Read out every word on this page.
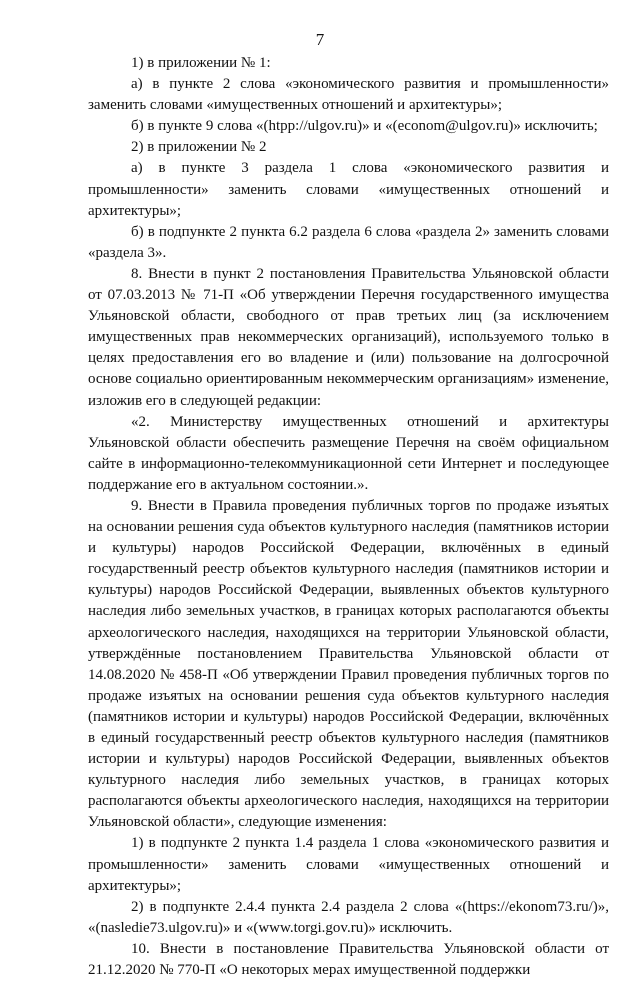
7

1) в приложении № 1:

а) в пункте 2 слова «экономического развития и промышленности» заменить словами «имущественных отношений и архитектуры»;

б) в пункте 9 слова «(htpp://ulgov.ru)» и «(econom@ulgov.ru)» исключить;

2) в приложении № 2

а) в пункте 3 раздела 1 слова «экономического развития и промышленности» заменить словами «имущественных отношений и архитектуры»;

б) в подпункте 2 пункта 6.2 раздела 6 слова «раздела 2» заменить словами «раздела 3».

8. Внести в пункт 2 постановления Правительства Ульяновской области от 07.03.2013 № 71-П «Об утверждении Перечня государственного имущества Ульяновской области, свободного от прав третьих лиц (за исключением имущественных прав некоммерческих организаций), используемого только в целях предоставления его во владение и (или) пользование на долгосрочной основе социально ориентированным некоммерческим организациям» изменение, изложив его в следующей редакции:

«2. Министерству имущественных отношений и архитектуры Ульяновской области обеспечить размещение Перечня на своём официальном сайте в информационно-телекоммуникационной сети Интернет и последующее поддержание его в актуальном состоянии.».

9. Внести в Правила проведения публичных торгов по продаже изъятых на основании решения суда объектов культурного наследия (памятников истории и культуры) народов Российской Федерации, включённых в единый государственный реестр объектов культурного наследия (памятников истории и культуры) народов Российской Федерации, выявленных объектов культурного наследия либо земельных участков, в границах которых располагаются объекты археологического наследия, находящихся на территории Ульяновской области, утверждённые постановлением Правительства Ульяновской области от 14.08.2020 № 458-П «Об утверждении Правил проведения публичных торгов по продаже изъятых на основании решения суда объектов культурного наследия (памятников истории и культуры) народов Российской Федерации, включённых в единый государственный реестр объектов культурного наследия (памятников истории и культуры) народов Российской Федерации, выявленных объектов культурного наследия либо земельных участков, в границах которых располагаются объекты археологического наследия, находящихся на территории Ульяновской области», следующие изменения:

1) в подпункте 2 пункта 1.4 раздела 1 слова «экономического развития и промышленности» заменить словами «имущественных отношений и архитектуры»;

2) в подпункте 2.4.4 пункта 2.4 раздела 2 слова «(https://ekonom73.ru/)», «(nasledie73.ulgov.ru)» и «(www.torgi.gov.ru)» исключить.

10. Внести в постановление Правительства Ульяновской области от 21.12.2020 № 770-П «О некоторых мерах имущественной поддержки
